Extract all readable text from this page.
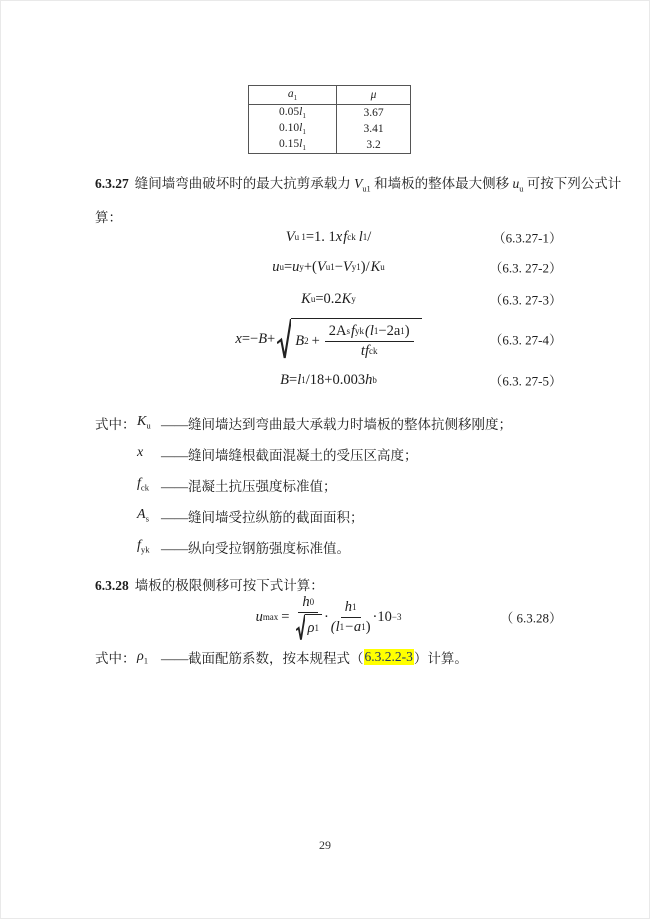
$a_1$	μ
$0.05l_1$	3.67
$0.10l_1$	3.41
$0.15l_1$	3.2
6.3.27 缝间墙弯曲破坏时的最大抗剪承载力 $V_{u1}$ 和墙板的整体最大侧移 $u_u$ 可按下列公式计
算：
V u 1 =1. 1 x f ck l 1 /	（6.3.27-1）
u u = u y +( V u1 − V y1 )/ K u	（6.3. 27-2）
K u =0.2 K y	（6.3. 27-3）
x =− B + B $2 + \frac{\text{2A s f yk (l 1 −2a 1 )}}{\text{tf ck}}$	（6.3. 27-4）
B = l 1 /18+0.003 h b	（6.3. 27-5）
式中： $K_u$ ——缝间墙达到弯曲最大承载力时墙板的整体抗侧移刚度；
x	——缝间墙缝根截面混凝土的受压区高度；
$f_{ck}$ ——混凝土抗压强度标准值；
$A_s$ ——缝间墙受拉纵筋的截面面积；
$f_{yk}$ ——纵向受拉钢筋强度标准值。
6.3.28 墙板的极限侧移可按下式计算：
u $\max = \frac{h 0}{\rho 1} \cdot \frac{h 1}{(l 1 -a 1 )} \cdot 10 -3$	（ 6.3.28）
式中： $\rho_1$ ——截面配筋系数，按本规程式（ 6.3.2.2-3 ）计算。
29
